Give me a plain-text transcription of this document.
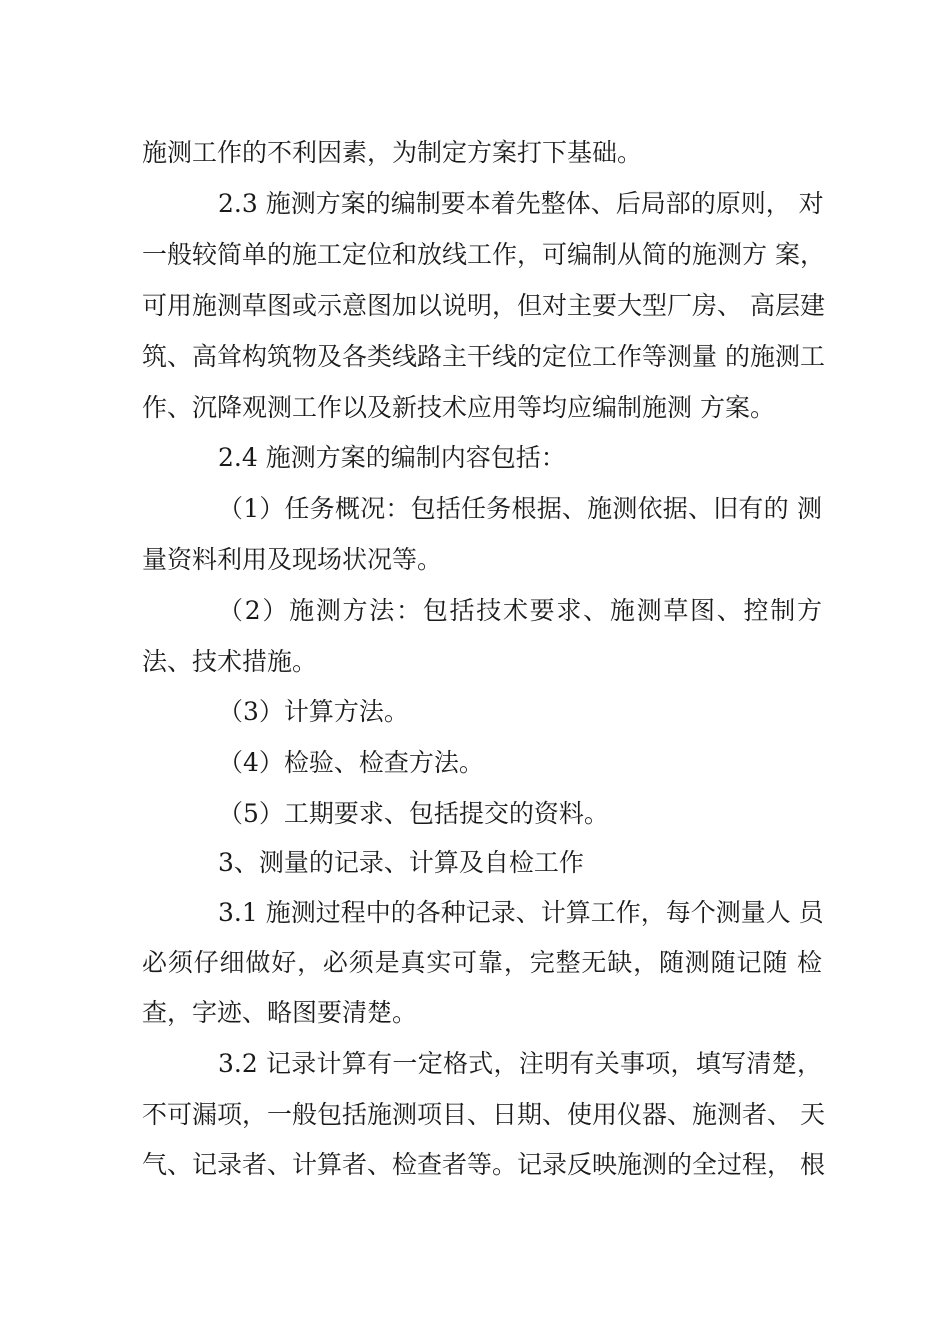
施测工作的不利因素，为制定方案打下基础。
2.3 施测方案的编制要本着先整体、后局部的原则， 对
一般较简单的施工定位和放线工作，可编制从简的施测方 案，
可用施测草图或示意图加以说明，但对主要大型厂房、 高层建
筑、高耸构筑物及各类线路主干线的定位工作等测量 的施测工
作、沉降观测工作以及新技术应用等均应编制施测 方案。
2.4 施测方案的编制内容包括：
（1）任务概况：包括任务根据、施测依据、旧有的 测
量资料利用及现场状况等。
（2）施测方法：包括技术要求、施测草图、控制方
法、技术措施。
（3）计算方法。
（4）检验、检查方法。
（5）工期要求、包括提交的资料。
3、测量的记录、计算及自检工作
3.1 施测过程中的各种记录、计算工作，每个测量人 员
必须仔细做好，必须是真实可靠，完整无缺，随测随记随 检
查，字迹、略图要清楚。
3.2 记录计算有一定格式，注明有关事项，填写清楚，
不可漏项，一般包括施测项目、日期、使用仪器、施测者、 天
气、记录者、计算者、检查者等。记录反映施测的全过程， 根
